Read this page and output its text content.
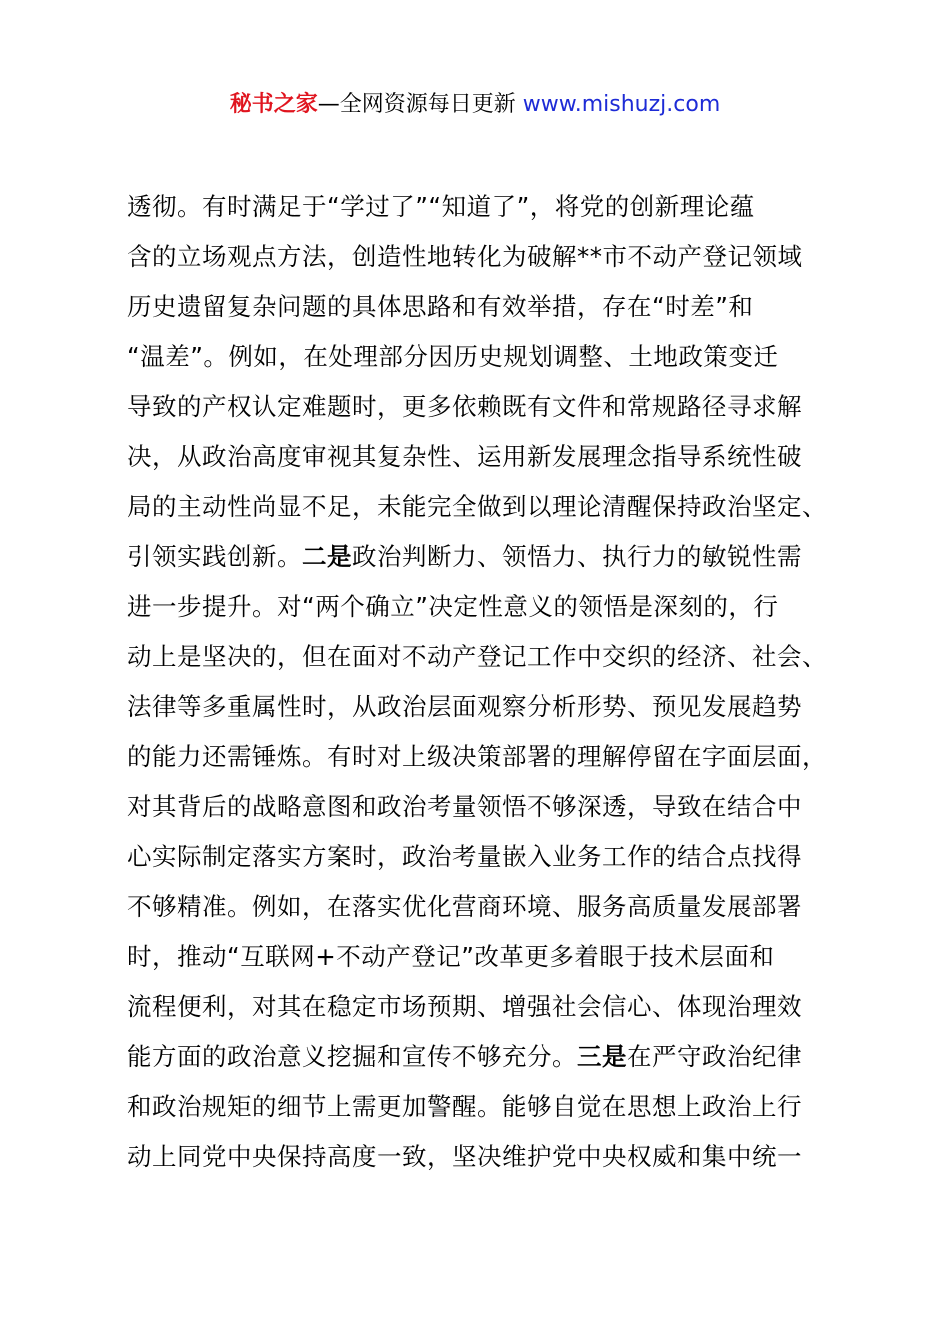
秘书之家—全网资源每日更新 www.mishuzj.com
透彻。有时满足于“学过了”“知道了”，将党的创新理论蕴
含的立场观点方法，创造性地转化为破解**市不动产登记领域
历史遗留复杂问题的具体思路和有效举措，存在“时差”和
“温差”。例如，在处理部分因历史规划调整、土地政策变迁
导致的产权认定难题时，更多依赖既有文件和常规路径寻求解
决，从政治高度审视其复杂性、运用新发展理念指导系统性破
局的主动性尚显不足，未能完全做到以理论清醒保持政治坚定、
引领实践创新。二是政治判断力、领悟力、执行力的敏锐性需
进一步提升。对“两个确立”决定性意义的领悟是深刻的，行
动上是坚决的，但在面对不动产登记工作中交织的经济、社会、
法律等多重属性时，从政治层面观察分析形势、预见发展趋势
的能力还需锤炼。有时对上级决策部署的理解停留在字面层面，
对其背后的战略意图和政治考量领悟不够深透，导致在结合中
心实际制定落实方案时，政治考量嵌入业务工作的结合点找得
不够精准。例如，在落实优化营商环境、服务高质量发展部署
时，推动“互联网+不动产登记”改革更多着眼于技术层面和
流程便利，对其在稳定市场预期、增强社会信心、体现治理效
能方面的政治意义挖掘和宣传不够充分。三是在严守政治纪律
和政治规矩的细节上需更加警醒。能够自觉在思想上政治上行
动上同党中央保持高度一致，坚决维护党中央权威和集中统一
